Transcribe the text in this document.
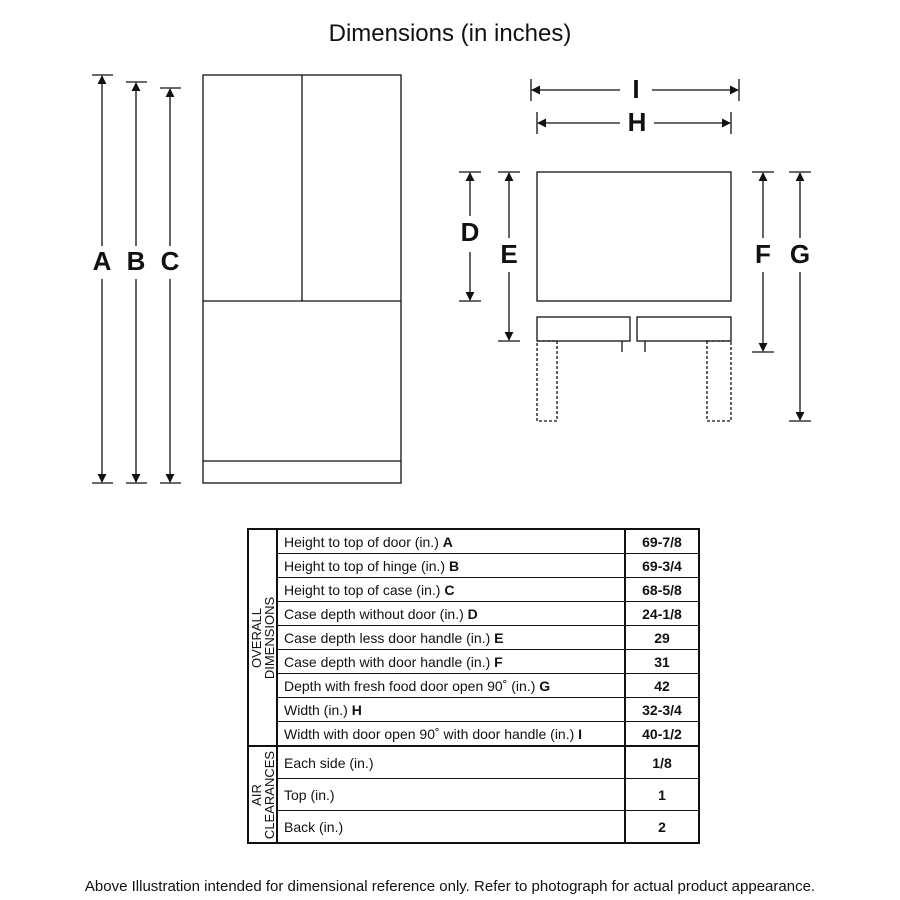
Dimensions (in inches)
A B C
I
H
D
E	F G
OVERALL
DIMENSIONS	Height to top of door (in.) A	69-7/8
	Height to top of hinge (in.) B	69-3/4
	Height to top of case (in.) C	68-5/8
	Case depth without door (in.) D	24-1/8
	Case depth less door handle (in.) E	29
	Case depth with door handle (in.) F	31
	Depth with fresh food door open 90˚ (in.) G	42
	Width (in.) H	32-3/4
	Width with door open 90˚ with door handle (in.) I	40-1/2

AIR
CLEARANCES	Each side (in.)	1/8
	Top (in.)	1
	Back (in.)	2
Above Illustration intended for dimensional reference only. Refer to photograph for actual product appearance.
